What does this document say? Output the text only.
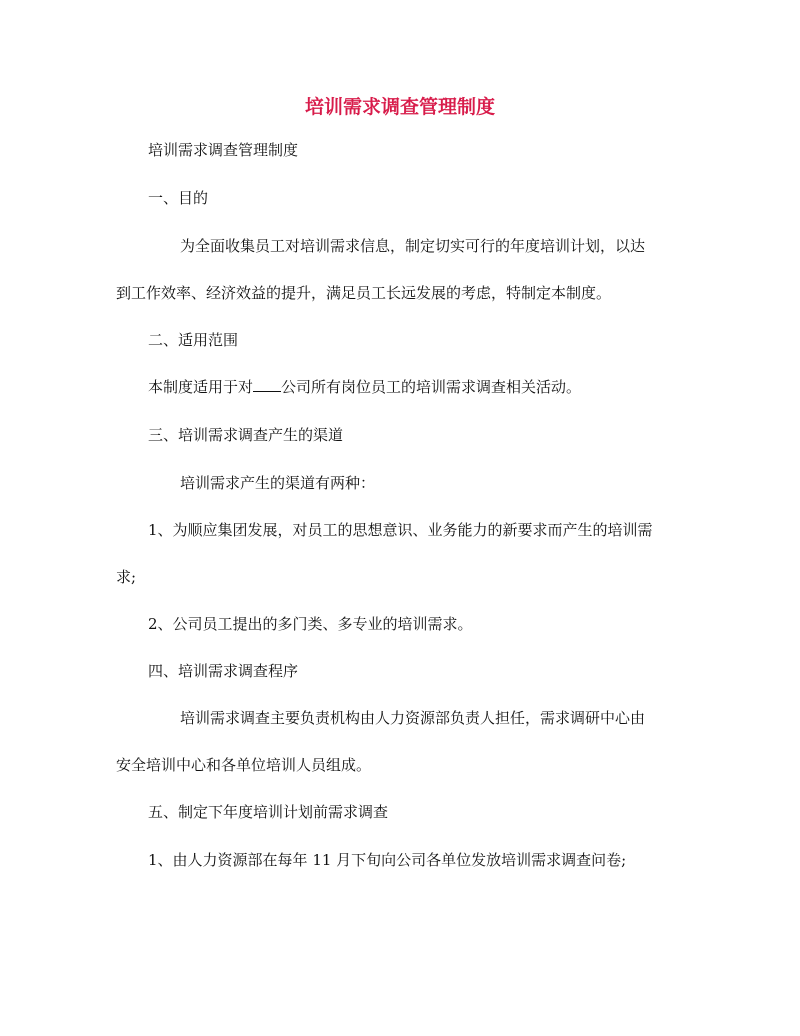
培训需求调查管理制度
培训需求调查管理制度
一、目的
为全面收集员工对培训需求信息，制定切实可行的年度培训计划，以达
到工作效率、经济效益的提升，满足员工长远发展的考虑，特制定本制度。
二、适用范围
本制度适用于对 公司所有岗位员工的培训需求调查相关活动。
三、培训需求调查产生的渠道
培训需求产生的渠道有两种：
1、为顺应集团发展，对员工的思想意识、业务能力的新要求而产生的培训需
求;
2、公司员工提出的多门类、多专业的培训需求。
四、培训需求调查程序
培训需求调查主要负责机构由人力资源部负责人担任，需求调研中心由
安全培训中心和各单位培训人员组成。
五、制定下年度培训计划前需求调查
1、由人力资源部在每年 11 月下旬向公司各单位发放培训需求调查问卷;
